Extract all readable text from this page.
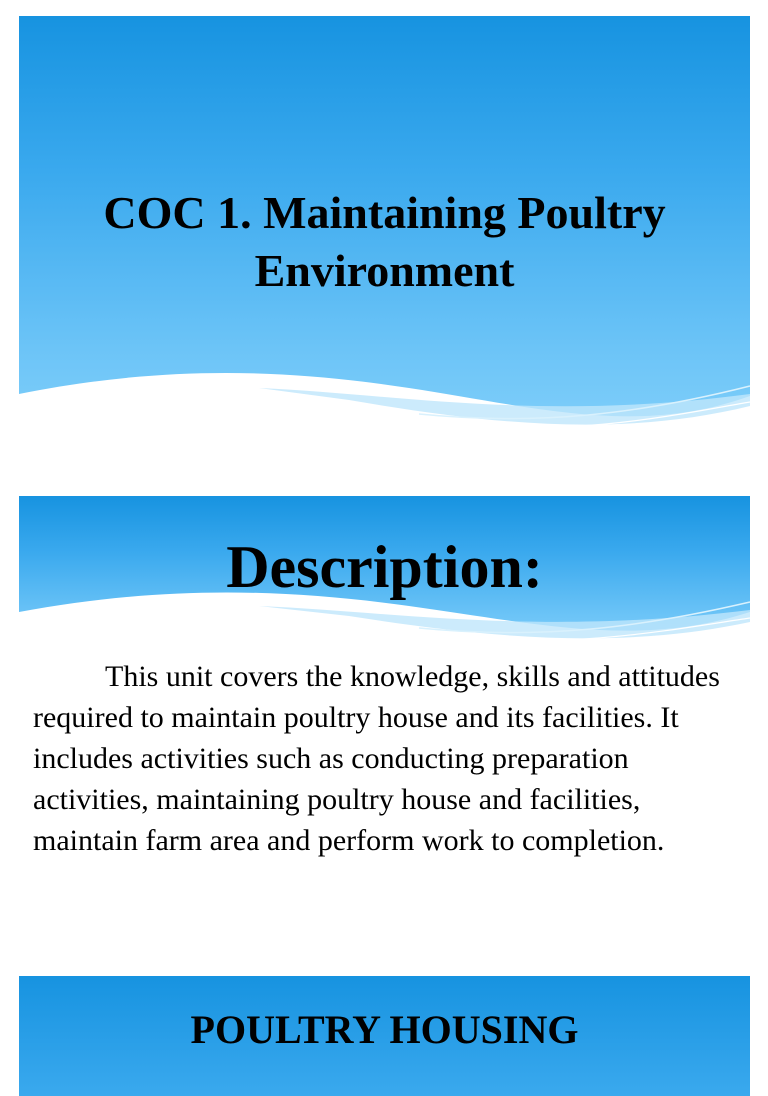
COC 1. Maintaining Poultry
Environment
Description:

This unit covers the knowledge, skills and attitudes required to maintain poultry house and its facilities. It includes activities such as conducting preparation activities, maintaining poultry house and facilities, maintain farm area and perform work to completion.

POULTRY HOUSING
